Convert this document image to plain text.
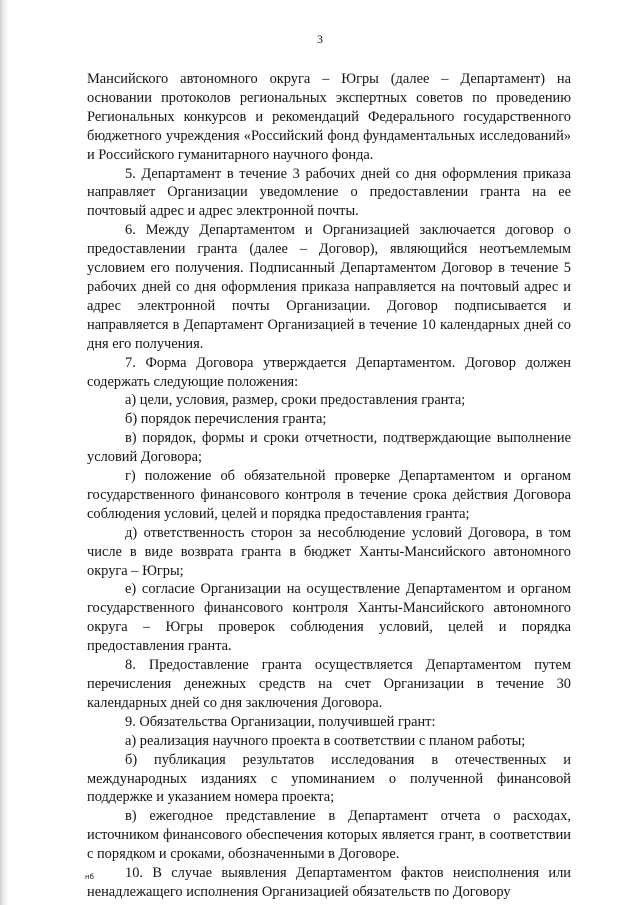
3

Мансийского автономного округа – Югры (далее – Департамент) на основании протоколов региональных экспертных советов по проведению Региональных конкурсов и рекомендаций Федерального государственного бюджетного учреждения «Российский фонд фундаментальных исследований» и Российского гуманитарного научного фонда.

5. Департамент в течение 3 рабочих дней со дня оформления приказа направляет Организации уведомление о предоставлении гранта на ее почтовый адрес и адрес электронной почты.

6. Между Департаментом и Организацией заключается договор о предоставлении гранта (далее – Договор), являющийся неотъемлемым условием его получения. Подписанный Департаментом Договор в течение 5 рабочих дней со дня оформления приказа направляется на почтовый адрес и адрес электронной почты Организации. Договор подписывается и направляется в Департамент Организацией в течение 10 календарных дней со дня его получения.

7. Форма Договора утверждается Департаментом. Договор должен содержать следующие положения:

а) цели, условия, размер, сроки предоставления гранта;

б) порядок перечисления гранта;

в) порядок, формы и сроки отчетности, подтверждающие выполнение условий Договора;

г) положение об обязательной проверке Департаментом и органом государственного финансового контроля в течение срока действия Договора соблюдения условий, целей и порядка предоставления гранта;

д) ответственность сторон за несоблюдение условий Договора, в том числе в виде возврата гранта в бюджет Ханты-Мансийского автономного округа – Югры;

е) согласие Организации на осуществление Департаментом и органом государственного финансового контроля Ханты-Мансийского автономного округа – Югры проверок соблюдения условий, целей и порядка предоставления гранта.

8. Предоставление гранта осуществляется Департаментом путем перечисления денежных средств на счет Организации в течение 30 календарных дней со дня заключения Договора.

9. Обязательства Организации, получившей грант:

а) реализация научного проекта в соответствии с планом работы;

б) публикация результатов исследования в отечественных и международных изданиях с упоминанием о полученной финансовой поддержке и указанием номера проекта;

в) ежегодное представление в Департамент отчета о расходах, источником финансового обеспечения которых является грант, в соответствии с порядком и сроками, обозначенными в Договоре.

10. В случае выявления Департаментом фактов неисполнения или ненадлежащего исполнения Организацией обязательств по Договору

нб
